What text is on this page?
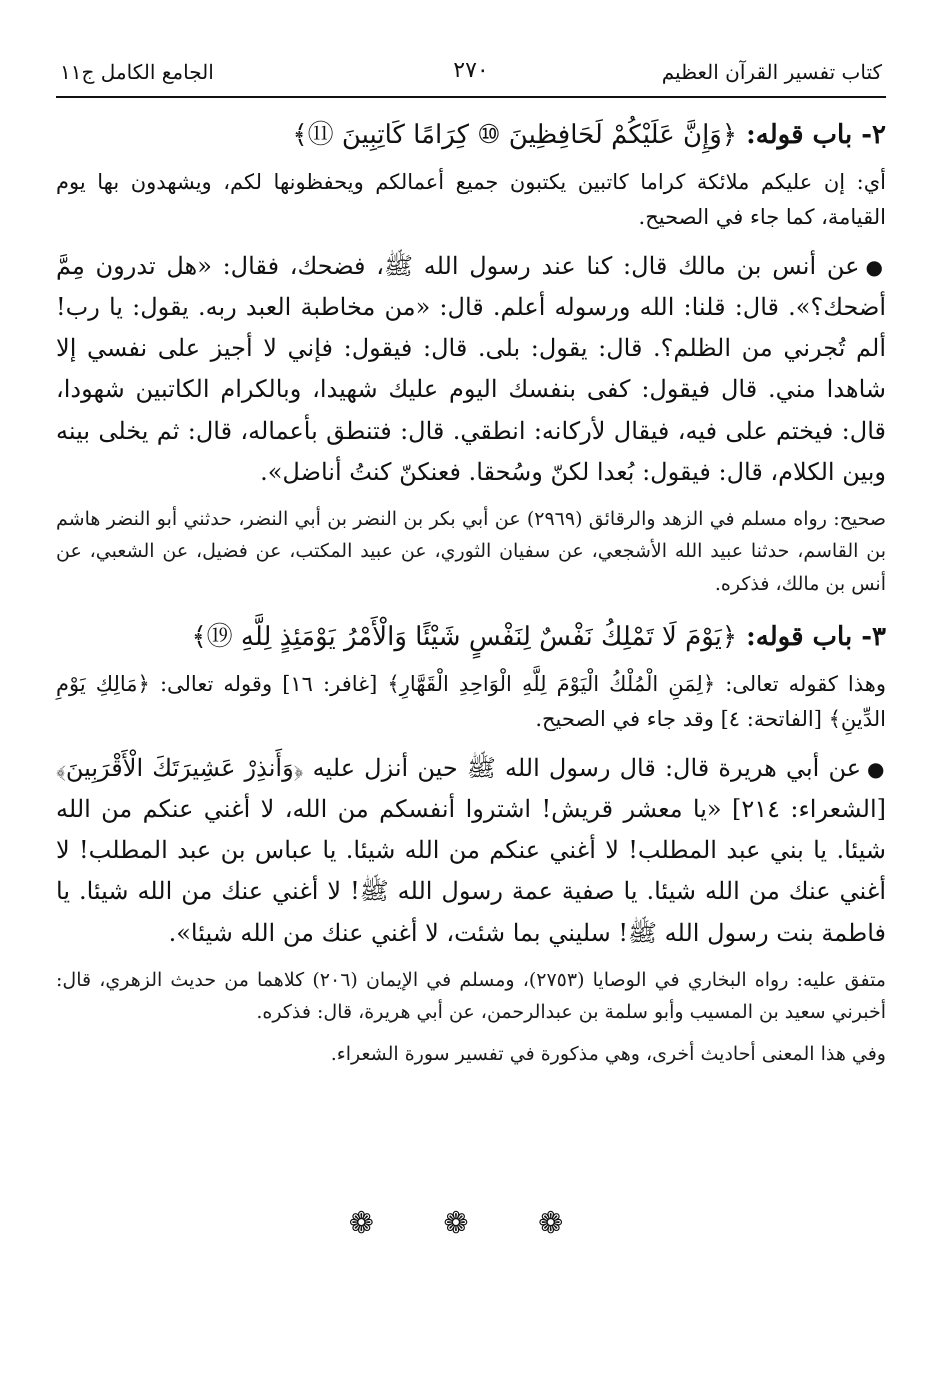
كتاب تفسير القرآن العظيم
٢٧٠
الجامع الكامل ج١١
٢- باب قوله: ﴿وَإِنَّ عَلَيْكُمْ لَحَافِظِينَ ⑩ كِرَامًا كَاتِبِينَ ⑪﴾

أي: إن عليكم ملائكة كراما كاتبين يكتبون جميع أعمالكم ويحفظونها لكم، ويشهدون بها يوم القيامة، كما جاء في الصحيح.

●عن أنس بن مالك قال: كنا عند رسول الله ﷺ، فضحك، فقال: «هل تدرون مِمَّ أضحك؟». قال: قلنا: الله ورسوله أعلم. قال: «من مخاطبة العبد ربه. يقول: يا رب! ألم تُجرني من الظلم؟. قال: يقول: بلى. قال: فيقول: فإني لا أجيز على نفسي إلا شاهدا مني. قال فيقول: كفى بنفسك اليوم عليك شهيدا، وبالكرام الكاتبين شهودا، قال: فيختم على فيه، فيقال لأركانه: انطقي. قال: فتنطق بأعماله، قال: ثم يخلى بينه وبين الكلام، قال: فيقول: بُعدا لكنّ وسُحقا. فعنكنّ كنتُ أناضل».

صحيح: رواه مسلم في الزهد والرقائق (٢٩٦٩) عن أبي بكر بن النضر بن أبي النضر، حدثني أبو النضر هاشم بن القاسم، حدثنا عبيد الله الأشجعي، عن سفيان الثوري، عن عبيد المكتب، عن فضيل، عن الشعبي، عن أنس بن مالك، فذكره.

٣- باب قوله: ﴿يَوْمَ لَا تَمْلِكُ نَفْسٌ لِنَفْسٍ شَيْئًا وَالْأَمْرُ يَوْمَئِذٍ لِلَّهِ ⑲﴾

وهذا كقوله تعالى: ﴿لِمَنِ الْمُلْكُ الْيَوْمَ لِلَّهِ الْوَاحِدِ الْقَهَّارِ﴾ [غافر: ١٦] وقوله تعالى: ﴿مَالِكِ يَوْمِ الدِّينِ﴾ [الفاتحة: ٤] وقد جاء في الصحيح.

●عن أبي هريرة قال: قال رسول الله ﷺ حين أنزل عليه ﴿وَأَنذِرْ عَشِيرَتَكَ الْأَقْرَبِينَ﴾ [الشعراء: ٢١٤] «يا معشر قريش! اشتروا أنفسكم من الله، لا أغني عنكم من الله شيئا. يا بني عبد المطلب! لا أغني عنكم من الله شيئا. يا عباس بن عبد المطلب! لا أغني عنك من الله شيئا. يا صفية عمة رسول الله ﷺ! لا أغني عنك من الله شيئا. يا فاطمة بنت رسول الله ﷺ! سليني بما شئت، لا أغني عنك من الله شيئا».

متفق عليه: رواه البخاري في الوصايا (٢٧٥٣)، ومسلم في الإيمان (٢٠٦) كلاهما من حديث الزهري، قال: أخبرني سعيد بن المسيب وأبو سلمة بن عبدالرحمن، عن أبي هريرة، قال: فذكره.

وفي هذا المعنى أحاديث أخرى، وهي مذكورة في تفسير سورة الشعراء.

❁ ❁ ❁
